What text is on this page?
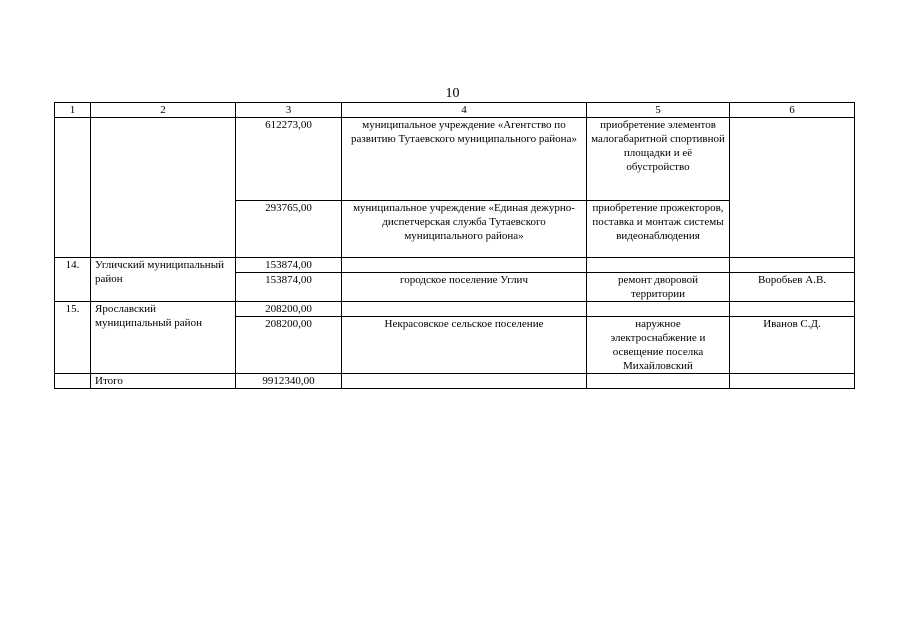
10
1	2	3	4	5	6
		612273,00	муниципальное учреждение «Агентство по развитию Тутаевского муниципального района»	приобретение элементов малогабаритной спортивной площадки и её обустройство	
		293765,00	муниципальное учреждение «Единая дежурно-диспетчерская служба Тутаевского муниципального района»	приобретение прожекторов, поставка и монтаж системы видеонаблюдения	
14.	Угличский муниципальный район	153874,00			
		153874,00	городское поселение Углич	ремонт дворовой территории	Воробьев А.В.
15.	Ярославский муниципальный район	208200,00			
		208200,00	Некрасовское сельское поселение	наружное электроснабжение и освещение поселка Михайловский	Иванов С.Д.
	Итого	9912340,00			
